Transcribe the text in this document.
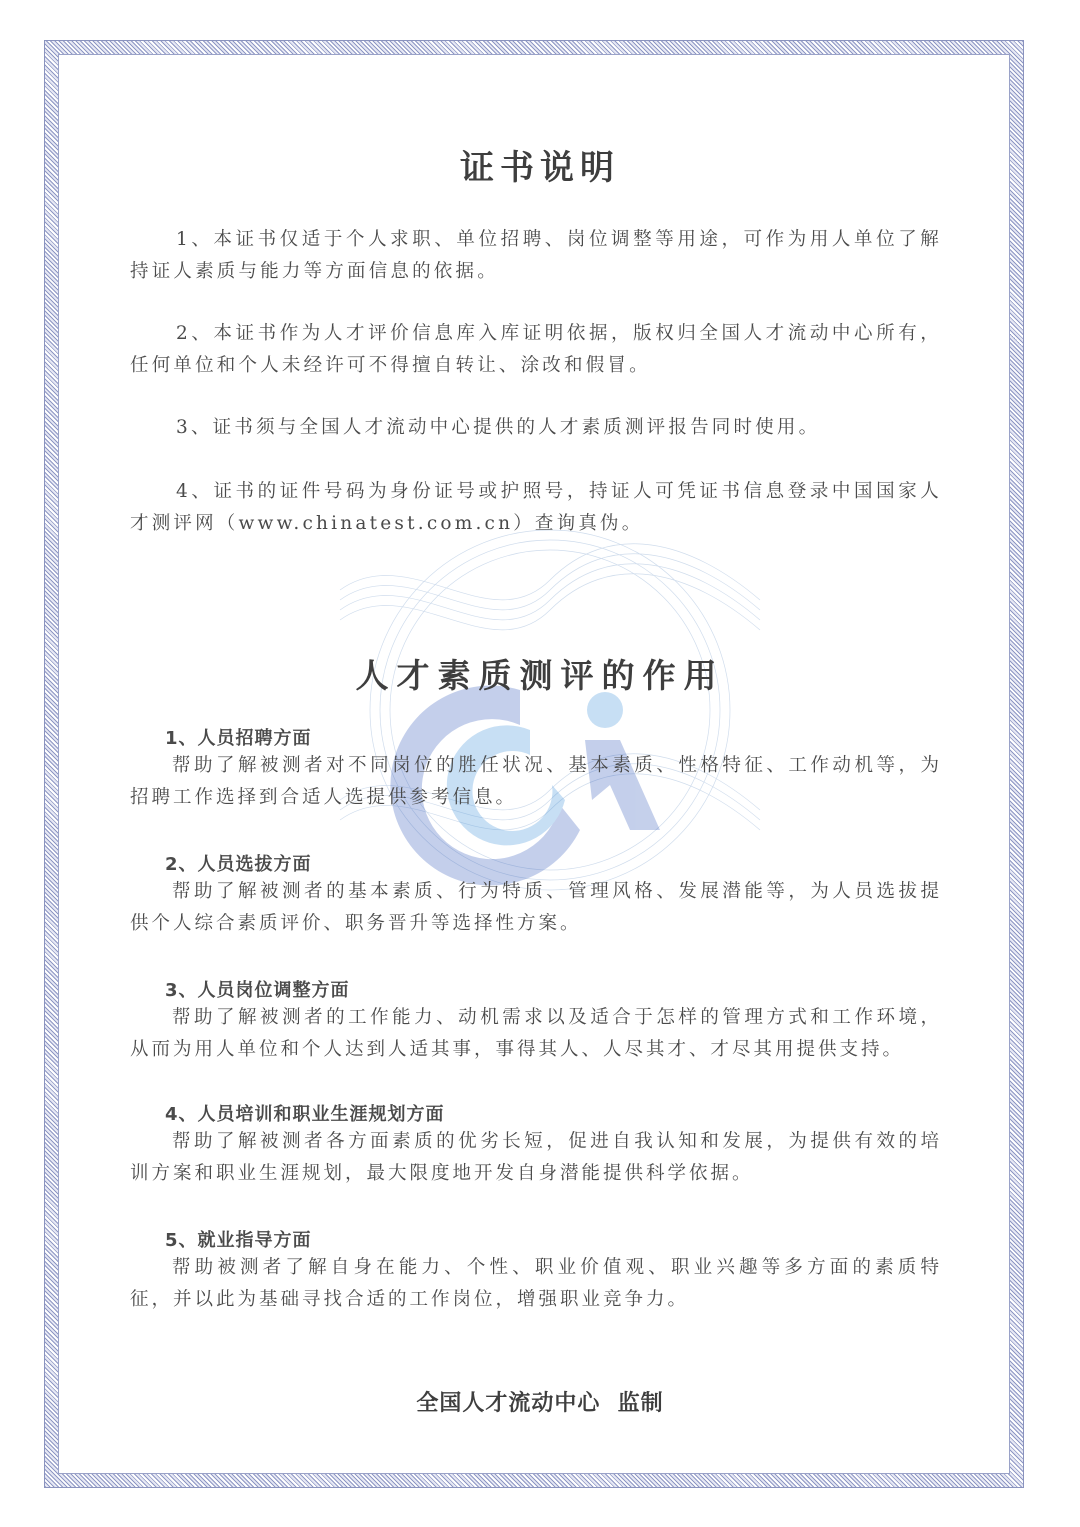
证书说明
1、本证书仅适于个人求职、单位招聘、岗位调整等用途，可作为用人单位了解持证人素质与能力等方面信息的依据。
2、本证书作为人才评价信息库入库证明依据，版权归全国人才流动中心所有，任何单位和个人未经许可不得擅自转让、涂改和假冒。
3、证书须与全国人才流动中心提供的人才素质测评报告同时使用。
4、证书的证件号码为身份证号或护照号，持证人可凭证书信息登录中国国家人才测评网（www.chinatest.com.cn）查询真伪。
人才素质测评的作用
1、人员招聘方面
帮助了解被测者对不同岗位的胜任状况、基本素质、性格特征、工作动机等，为招聘工作选择到合适人选提供参考信息。
2、人员选拔方面
帮助了解被测者的基本素质、行为特质、管理风格、发展潜能等，为人员选拔提供个人综合素质评价、职务晋升等选择性方案。
3、人员岗位调整方面
帮助了解被测者的工作能力、动机需求以及适合于怎样的管理方式和工作环境，从而为用人单位和个人达到人适其事，事得其人、人尽其才、才尽其用提供支持。
4、人员培训和职业生涯规划方面
帮助了解被测者各方面素质的优劣长短，促进自我认知和发展，为提供有效的培训方案和职业生涯规划，最大限度地开发自身潜能提供科学依据。
5、就业指导方面
帮助被测者了解自身在能力、个性、职业价值观、职业兴趣等多方面的素质特征，并以此为基础寻找合适的工作岗位，增强职业竞争力。
全国人才流动中心  监制
